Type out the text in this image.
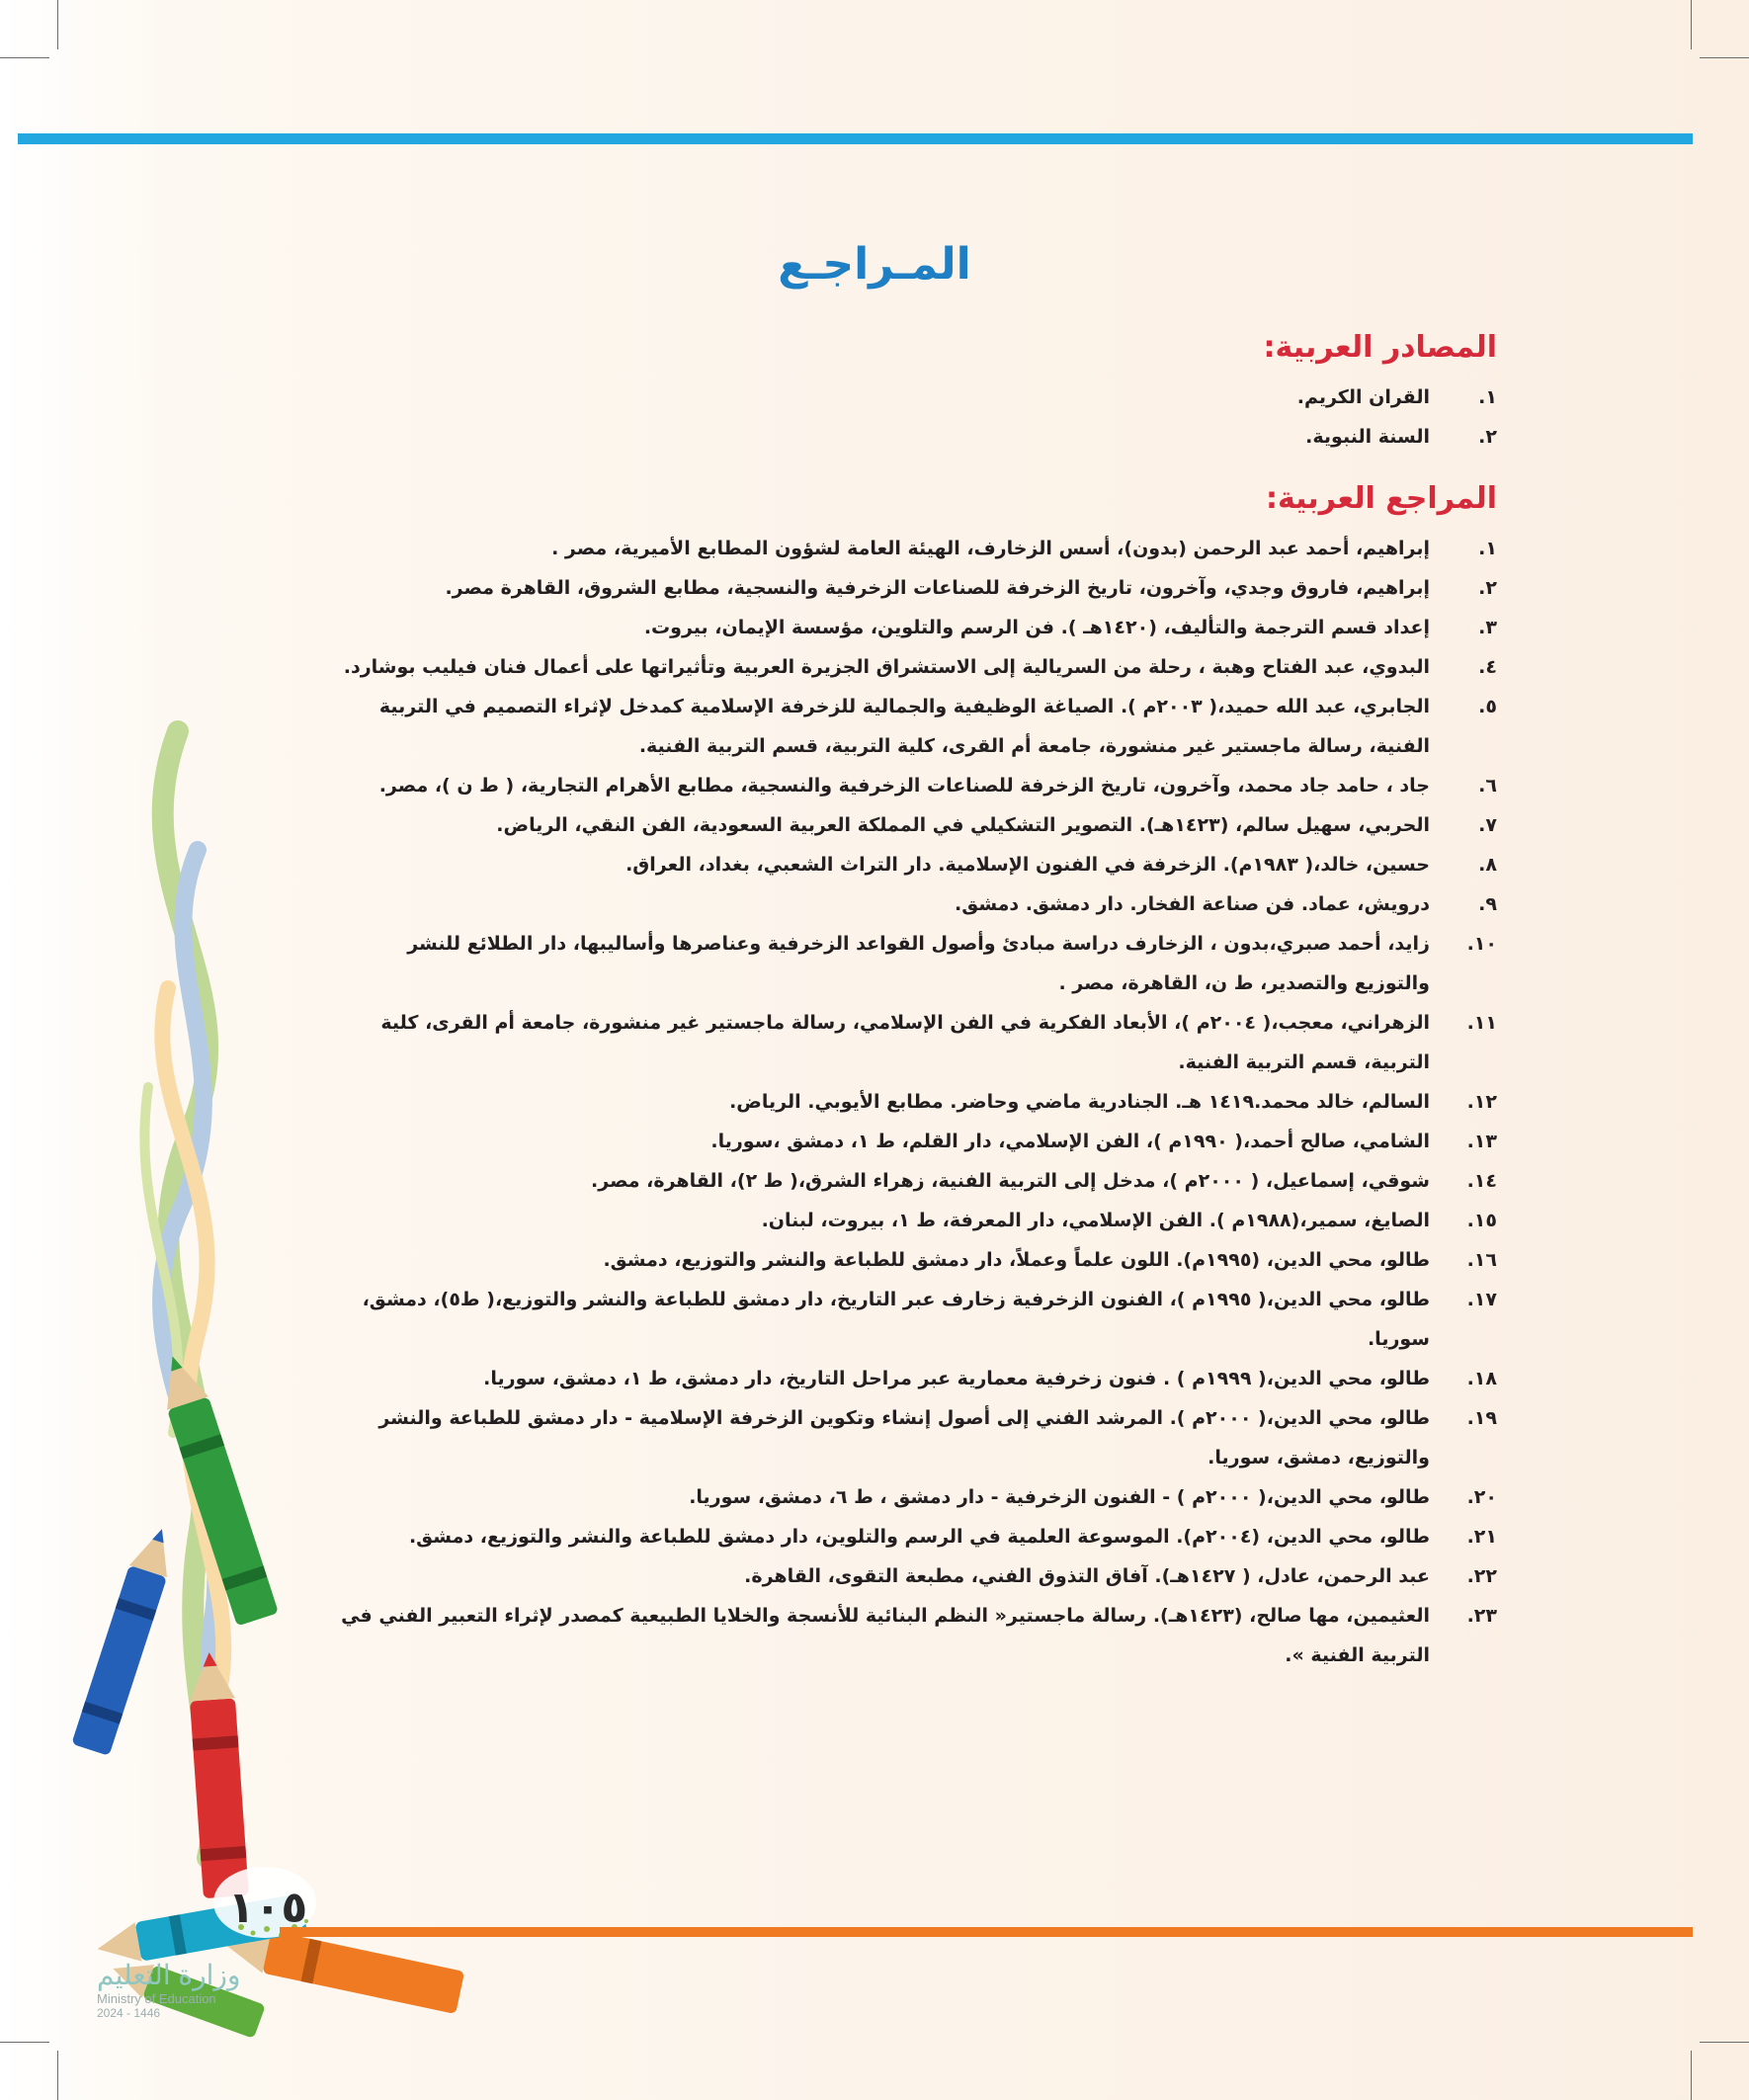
المـراجـع
المصادر العربية:
١.
القران الكريم.
٢.
السنة النبوية.
المراجع العربية:
١.
إبراهيم، أحمد عبد الرحمن (بدون)، أسس الزخارف، الهيئة العامة لشؤون المطابع الأميرية، مصر .
٢.
إبراهيم، فاروق وجدي، وآخرون، تاريخ الزخرفة للصناعات الزخرفية والنسجية، مطابع الشروق، القاهرة مصر.
٣.
إعداد قسم الترجمة والتأليف، (١٤٢٠هـ ). فن الرسم والتلوين، مؤسسة الإيمان، بيروت.
٤.
البدوي، عبد الفتاح وهبة ، رحلة من السريالية إلى الاستشراق الجزيرة العربية وتأثيراتها على أعمال فنان فيليب بوشارد.
٥.
الجابري، عبد الله حميد،( ٢٠٠٣م ). الصياغة الوظيفية والجمالية للزخرفة الإسلامية كمدخل لإثراء التصميم في التربية الفنية، رسالة ماجستير غير منشورة، جامعة أم القرى، كلية التربية، قسم التربية الفنية.
٦.
جاد ، حامد جاد محمد، وآخرون، تاريخ الزخرفة للصناعات الزخرفية والنسجية، مطابع الأهرام التجارية، ( ط ن )، مصر.
٧.
الحربي، سهيل سالم، (١٤٢٣هـ). التصوير التشكيلي في المملكة العربية السعودية، الفن النقي، الرياض.
٨.
حسين، خالد،( ١٩٨٣م). الزخرفة في الفنون الإسلامية. دار التراث الشعبي، بغداد، العراق.
٩.
درويش، عماد. فن صناعة الفخار. دار دمشق. دمشق.
١٠.
زايد، أحمد صبري،بدون ، الزخارف دراسة مبادئ وأصول القواعد الزخرفية وعناصرها وأساليبها، دار الطلائع للنشر والتوزيع والتصدير، ط ن، القاهرة، مصر .
١١.
الزهراني، معجب،( ٢٠٠٤م )، الأبعاد الفكرية في الفن الإسلامي، رسالة ماجستير غير منشورة، جامعة أم القرى، كلية التربية، قسم التربية الفنية.
١٢.
السالم، خالد محمد.١٤١٩ هـ. الجنادرية ماضي وحاضر. مطابع الأيوبي. الرياض.
١٣.
الشامي، صالح أحمد،( ١٩٩٠م )، الفن الإسلامي، دار القلم، ط ١، دمشق ،سوريا.
١٤.
شوقي، إسماعيل، ( ٢٠٠٠م )، مدخل إلى التربية الفنية، زهراء الشرق،( ط ٢)، القاهرة، مصر.
١٥.
الصايغ، سمير،(١٩٨٨م ). الفن الإسلامي، دار المعرفة، ط ١، بيروت، لبنان.
١٦.
طالو، محي الدين، (١٩٩٥م). اللون علماً وعملاً، دار دمشق للطباعة والنشر والتوزيع، دمشق.
١٧.
طالو، محي الدين،( ١٩٩٥م )، الفنون الزخرفية زخارف عبر التاريخ، دار دمشق للطباعة والنشر والتوزيع،( ط٥)، دمشق، سوريا.
١٨.
طالو، محي الدين،( ١٩٩٩م ) . فنون زخرفية معمارية عبر مراحل التاريخ، دار دمشق، ط ١، دمشق، سوريا.
١٩.
طالو، محي الدين،( ٢٠٠٠م ). المرشد الفني إلى أصول إنشاء وتكوين الزخرفة الإسلامية - دار دمشق للطباعة والنشر والتوزيع، دمشق، سوريا.
٢٠.
طالو، محي الدين،( ٢٠٠٠م ) - الفنون الزخرفية - دار دمشق ، ط ٦، دمشق، سوريا.
٢١.
طالو، محي الدين، (٢٠٠٤م). الموسوعة العلمية في الرسم والتلوين، دار دمشق للطباعة والنشر والتوزيع، دمشق.
٢٢.
عبد الرحمن، عادل، ( ١٤٢٧هـ). آفاق التذوق الفني، مطبعة التقوى، القاهرة.
٢٣.
العثيمين، مها صالح، (١٤٢٣هـ). رسالة ماجستير« النظم البنائية للأنسجة والخلايا الطبيعية كمصدر لإثراء التعبير الفني في التربية الفنية ».
١٠٥
وزارة التعليم
Ministry of Education
2024 - 1446
